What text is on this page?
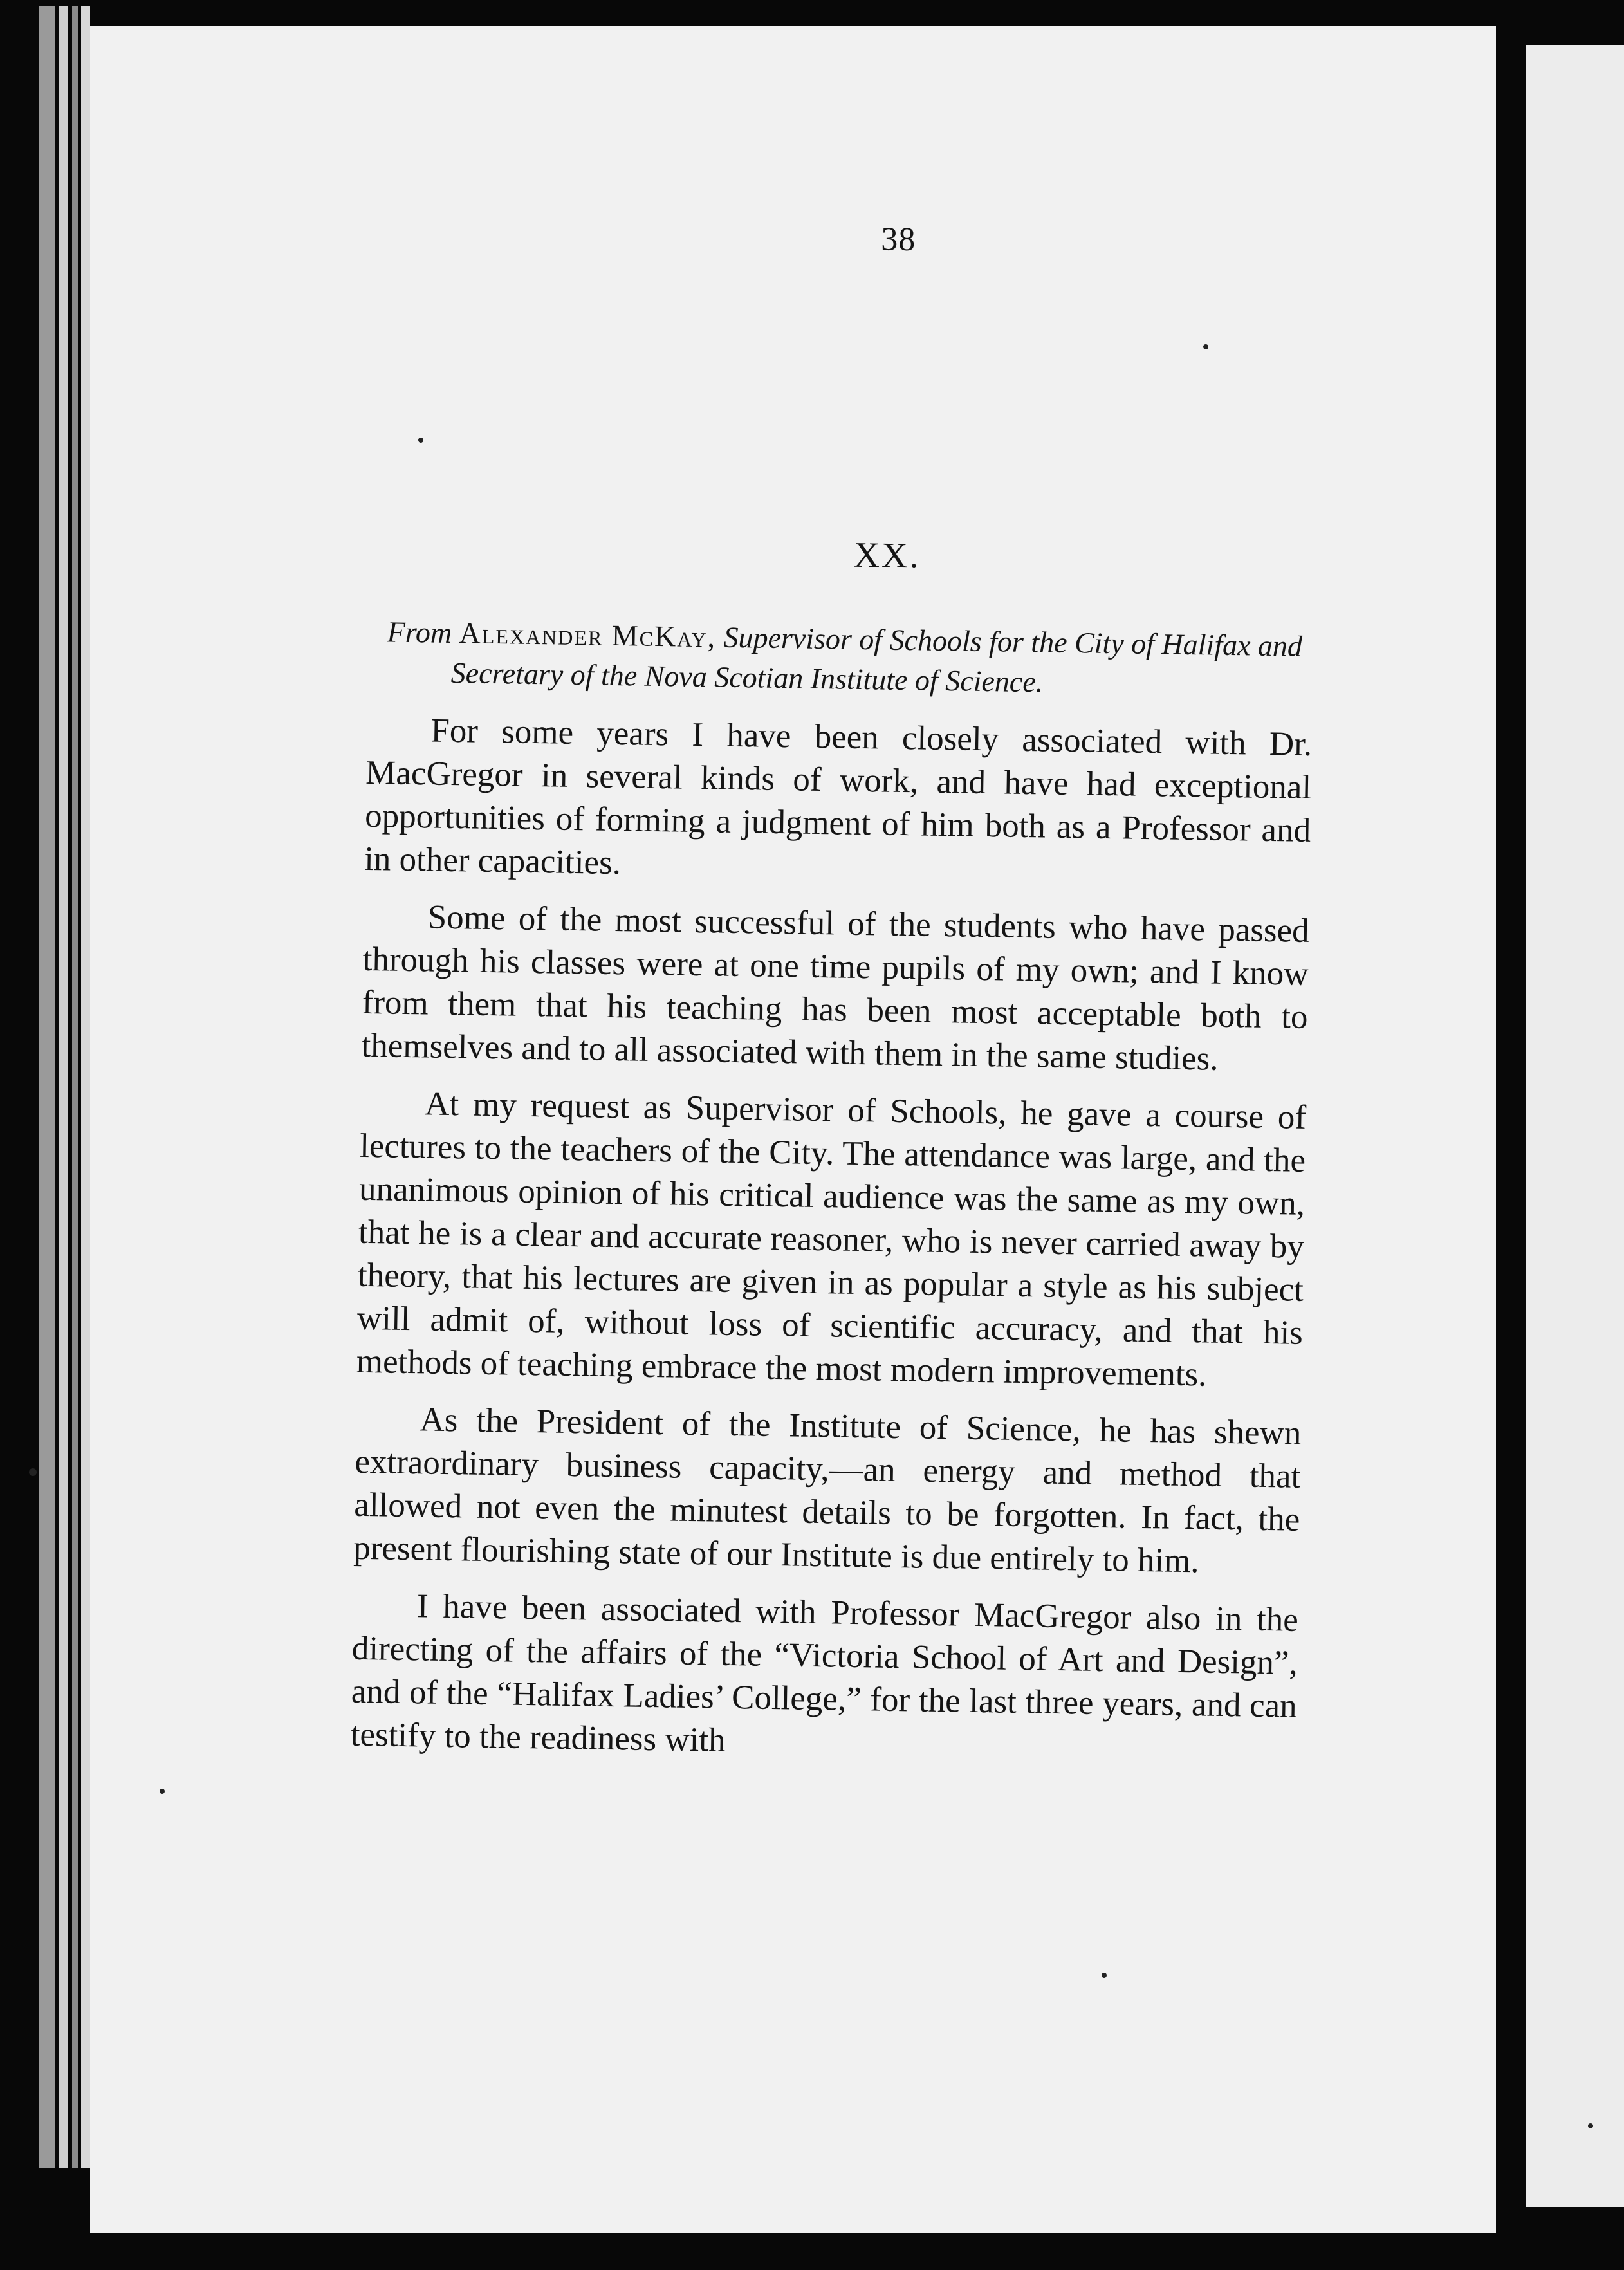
38
XX.
From Alexander McKay, Supervisor of Schools for the City of Halifax and Secretary of the Nova Scotian Institute of Science.

For some years I have been closely associated with Dr. MacGregor in several kinds of work, and have had exceptional opportunities of forming a judgment of him both as a Professor and in other capacities.

Some of the most successful of the students who have passed through his classes were at one time pupils of my own; and I know from them that his teaching has been most acceptable both to themselves and to all associated with them in the same studies.

At my request as Supervisor of Schools, he gave a course of lectures to the teachers of the City. The attendance was large, and the unanimous opinion of his critical audience was the same as my own, that he is a clear and accurate reasoner, who is never carried away by theory, that his lectures are given in as popular a style as his subject will admit of, without loss of scientific accuracy, and that his methods of teaching embrace the most modern improvements.

As the President of the Institute of Science, he has shewn extraordinary business capacity,—an energy and method that allowed not even the minutest details to be forgotten. In fact, the present flourishing state of our Institute is due entirely to him.

I have been associated with Professor MacGregor also in the directing of the affairs of the “Victoria School of Art and Design”, and of the “Halifax Ladies’ College,” for the last three years, and can testify to the readiness with
